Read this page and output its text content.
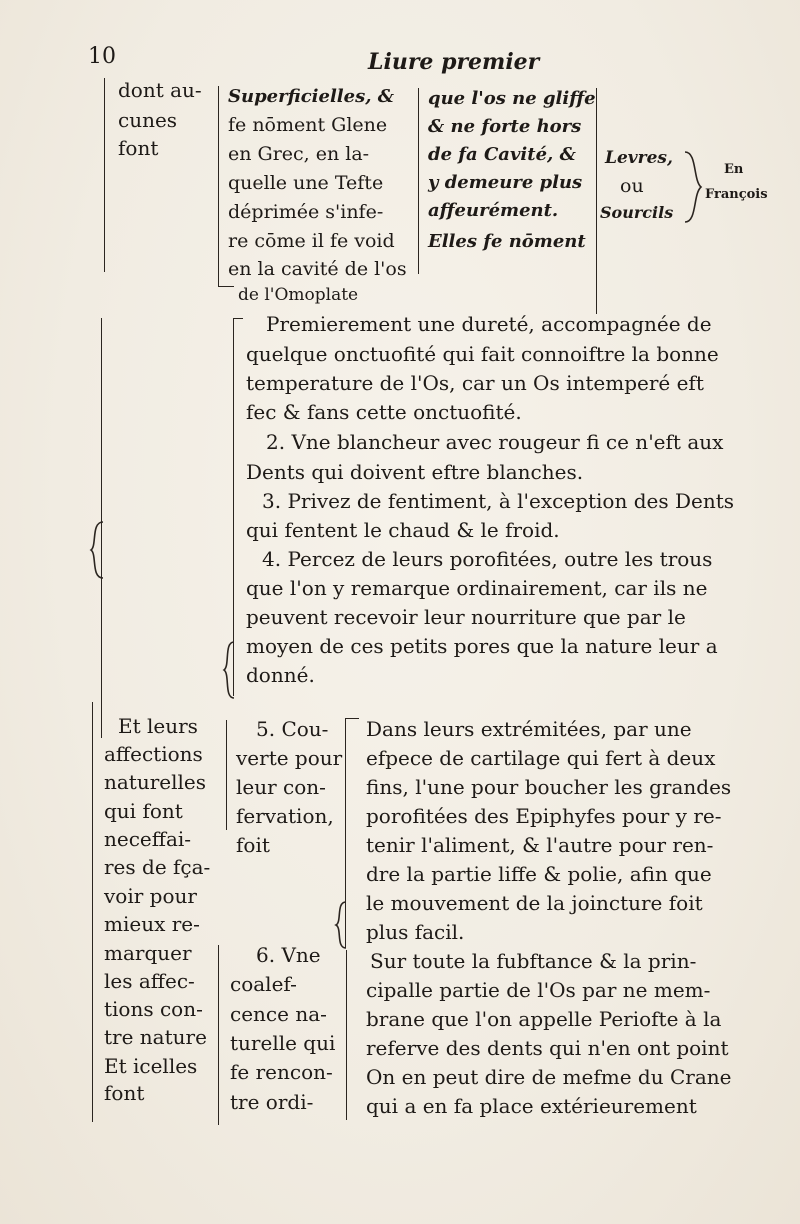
10	Liure premier
dont au-
cunes
font
Superficielles, &
fe nōment Glene
en Grec, en la-
quelle une Tefte
déprimée s'infe-
re cōme il fe void
en la cavité de l'os
de l'Omoplate
que l'os ne gliffe
& ne forte hors
de fa Cavité, &
y demeure plus
affeurément.
Elles fe nōment
Levres,
ou
Sourcils
En
François
Premierement une dureté, accompagnée de
quelque onctuofité qui fait connoiftre la bonne
temperature de l'Os, car un Os intemperé eft
fec & fans cette onctuofité.
2. Vne blancheur avec rougeur fi ce n'eft aux
Dents qui doivent eftre blanches.
3. Privez de fentiment, à l'exception des Dents
qui fentent le chaud & le froid.
4. Percez de leurs porofitées, outre les trous
que l'on y remarque ordinairement, car ils ne
peuvent recevoir leur nourriture que par le
moyen de ces petits pores que la nature leur a
donné.
Et leurs
affections
naturelles
qui font
neceffai-
res de fça-
voir pour
mieux re-
marquer
les affec-
tions con-
tre nature
Et icelles
font
5. Cou-
verte pour
leur con-
fervation,
foit
6. Vne
coalef-
cence na-
turelle qui
fe rencon-
tre ordi-
Dans leurs extrémitées, par une
efpece de cartilage qui fert à deux
fins, l'une pour boucher les grandes
porofitées des Epiphyfes pour y re-
tenir l'aliment, & l'autre pour ren-
dre la partie liffe & polie, afin que
le mouvement de la joincture foit
plus facil.
Sur toute la fubftance & la prin-
cipalle partie de l'Os par ne mem-
brane que l'on appelle Periofte à la
referve des dents qui n'en ont point
On en peut dire de mefme du Crane
qui a en fa place extérieurement
